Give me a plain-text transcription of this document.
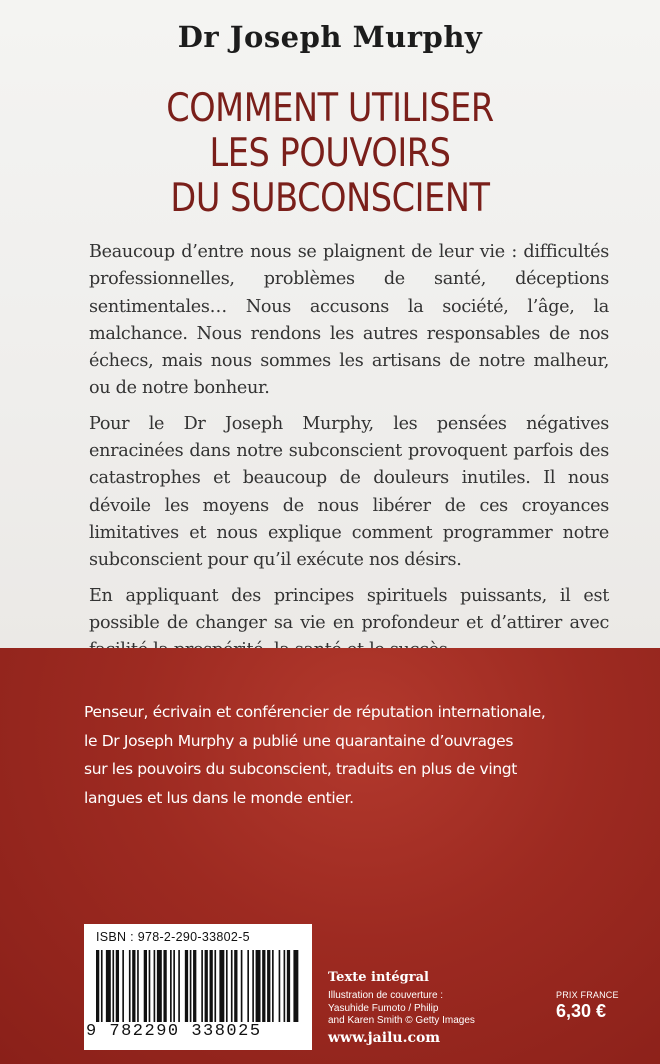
Dr Joseph Murphy
COMMENT UTILISER
LES POUVOIRS
DU SUBCONSCIENT

Beaucoup d’entre nous se plaignent de leur vie : difficultés professionnelles, problèmes de santé, déceptions sentimentales… Nous accusons la société, l’âge, la malchance. Nous rendons les autres responsables de nos échecs, mais nous sommes les artisans de notre malheur, ou de notre bonheur.

Pour le Dr Joseph Murphy, les pensées négatives enracinées dans notre subconscient provoquent parfois des catastrophes et beaucoup de douleurs inutiles. Il nous dévoile les moyens de nous libérer de ces croyances limitatives et nous explique comment programmer notre subconscient pour qu’il exécute nos désirs.

En appliquant des principes spirituels puissants, il est possible de changer sa vie en profondeur et d’attirer avec

Penseur, écrivain et conférencier de réputation internationale,
le Dr Joseph Murphy a publié une quarantaine d’ouvrages
sur les pouvoirs du subconscient, traduits en plus de vingt
langues et lus dans le monde entier.
ISBN : 978-2-290-33802-5
9 782290 338025
Texte intégral
Illustration de couverture :
Yasuhide Fumoto / Philip
and Karen Smith © Getty Images
www.jailu.com
PRIX FRANCE
6,30 €
